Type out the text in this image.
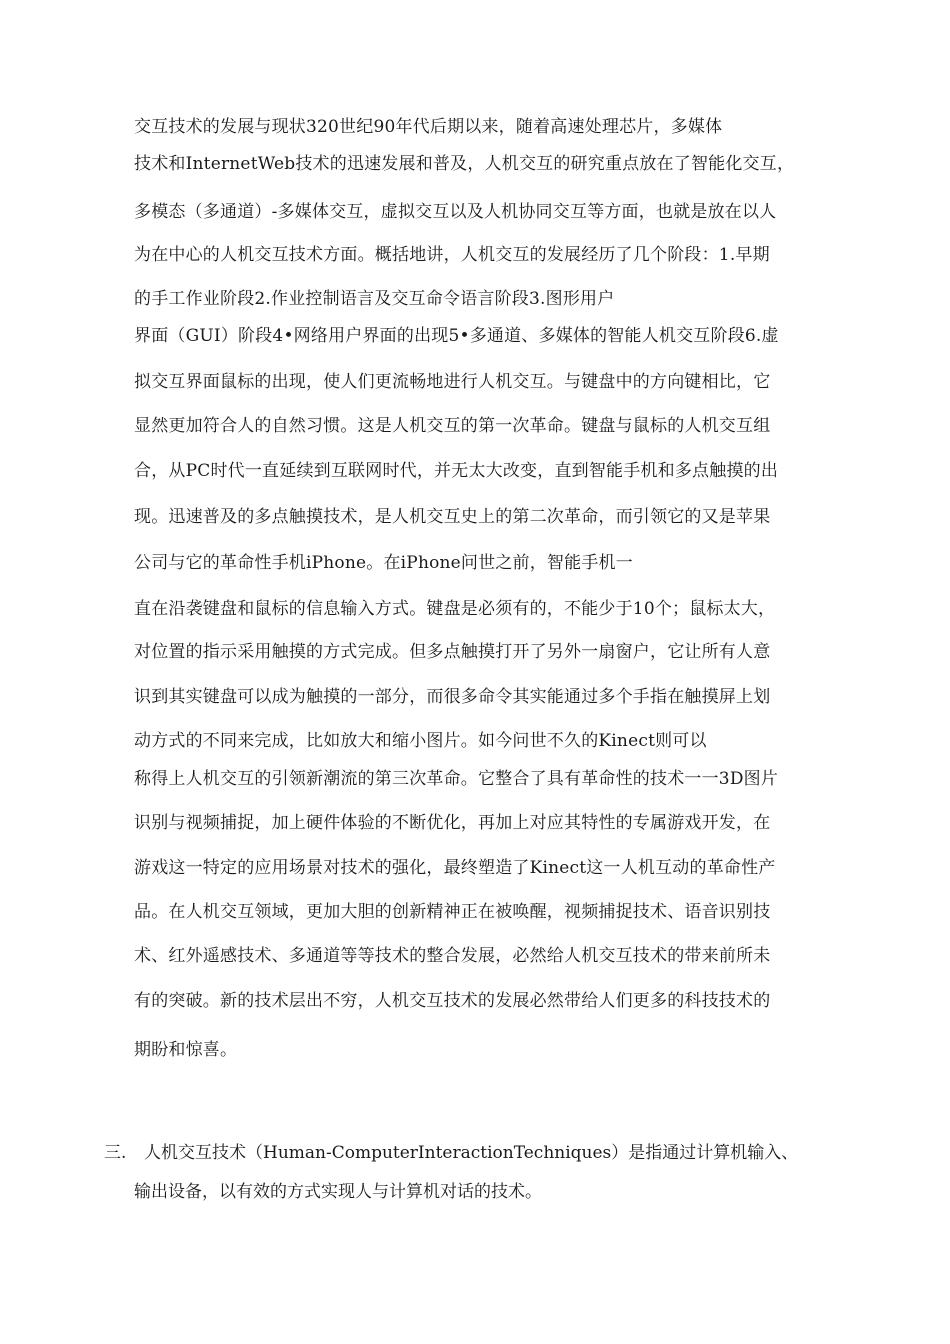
交互技术的发展与现状320世纪90年代后期以来，随着高速处理芯片，多媒体
技术和InternetWeb技术的迅速发展和普及，人机交互的研究重点放在了智能化交互，
多模态（多通道）-多媒体交互，虚拟交互以及人机协同交互等方面，也就是放在以人
为在中心的人机交互技术方面。概括地讲，人机交互的发展经历了几个阶段：1.早期
的手工作业阶段2.作业控制语言及交互命令语言阶段3.图形用户
界面（GUI）阶段4•网络用户界面的出现5•多通道、多媒体的智能人机交互阶段6.虚
拟交互界面鼠标的出现，使人们更流畅地进行人机交互。与键盘中的方向键相比，它
显然更加符合人的自然习惯。这是人机交互的第一次革命。键盘与鼠标的人机交互组
合，从PC时代一直延续到互联网时代，并无太大改变，直到智能手机和多点触摸的出
现。迅速普及的多点触摸技术，是人机交互史上的第二次革命，而引领它的又是苹果
公司与它的革命性手机iPhone。在iPhone问世之前，智能手机一
直在沿袭键盘和鼠标的信息输入方式。键盘是必须有的，不能少于10个；鼠标太大，
对位置的指示采用触摸的方式完成。但多点触摸打开了另外一扇窗户，它让所有人意
识到其实键盘可以成为触摸的一部分，而很多命令其实能通过多个手指在触摸屏上划
动方式的不同来完成，比如放大和缩小图片。如今问世不久的Kinect则可以
称得上人机交互的引领新潮流的第三次革命。它整合了具有革命性的技术一一3D图片
识别与视频捕捉，加上硬件体验的不断优化，再加上对应其特性的专属游戏开发，在
游戏这一特定的应用场景对技术的强化，最终塑造了Kinect这一人机互动的革命性产
品。在人机交互领域，更加大胆的创新精神正在被唤醒，视频捕捉技术、语音识别技
术、红外遥感技术、多通道等等技术的整合发展，必然给人机交互技术的带来前所未
有的突破。新的技术层出不穷，人机交互技术的发展必然带给人们更多的科技技术的
期盼和惊喜。
三. 人机交互技术（Human-ComputerInteractionTechniques）是指通过计算机输入、
输出设备，以有效的方式实现人与计算机对话的技术。
